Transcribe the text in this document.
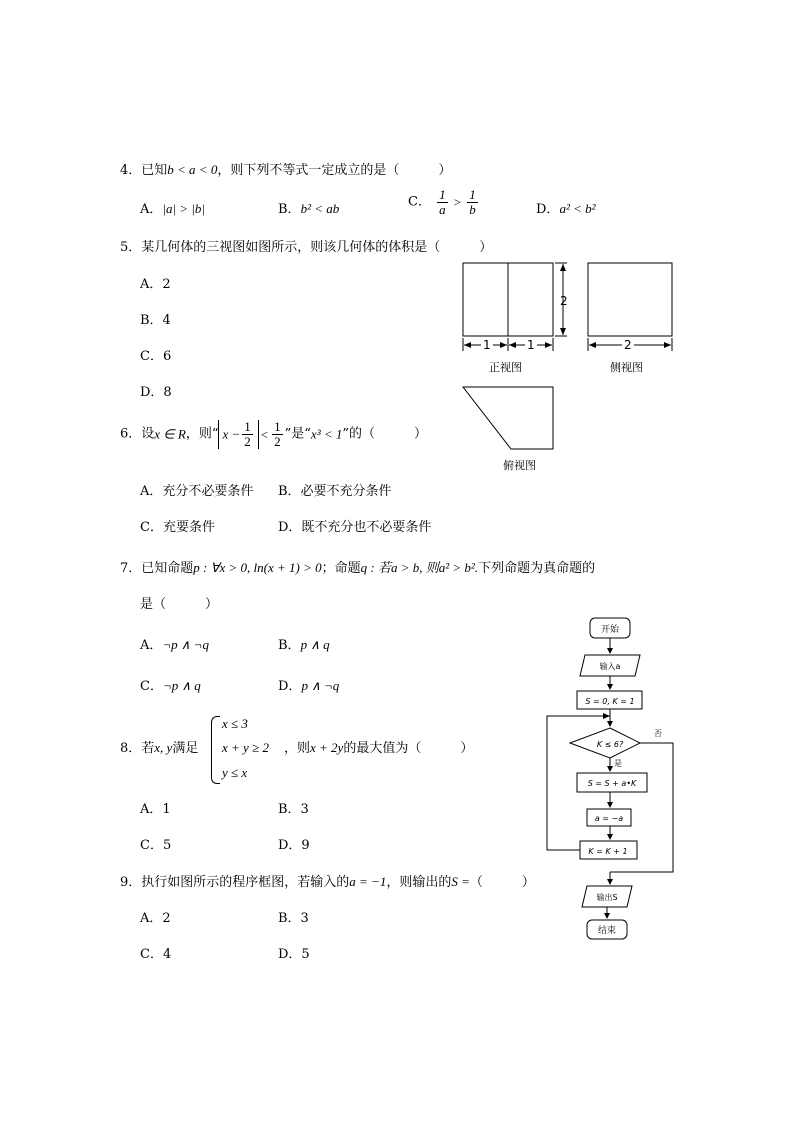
4．已知b < a < 0，则下列不等式一定成立的是（　　　）
A．|a| > |b|	B．b² < ab	C． $\frac{1}{a} > \frac{1}{b}$	D．a² < b²
5．某几何体的三视图如图所示，则该几何体的体积是（　　　）
A．2
B．4
C．6
D．8
2
1	1
正视图
2
侧视图
俯视图
6．设x ∈ R，则“ $x - \frac{1}{2} < \frac{1}{2}$ ”是“x³ < 1”的（　　　）
A．充分不必要条件 B．必要不充分条件
C．充要条件	D．既不充分也不必要条件
7．已知命题p : ∀x > 0, ln(x + 1) > 0；命题q : 若a > b, 则a² > b².下列命题为真命题的
是（　　　）
A．¬p ∧ ¬q	B．p ∧ q
C．¬p ∧ q	D．p ∧ ¬q
8．若x, y满足
x ≤ 3
x + y ≥ 2
y ≤ x
，则x + 2y的最大值为（　　　）
A．1	B．3
C．5	D．9
9．执行如图所示的程序框图，若输入的a = −1，则输出的S =（　　　）
A．2	B．3
C．4	D．5
开始
输入a
S = 0, K = 1
K ≤ 6?
否
是
S = S + a•K
a = −a
K = K + 1
输出S
结束
